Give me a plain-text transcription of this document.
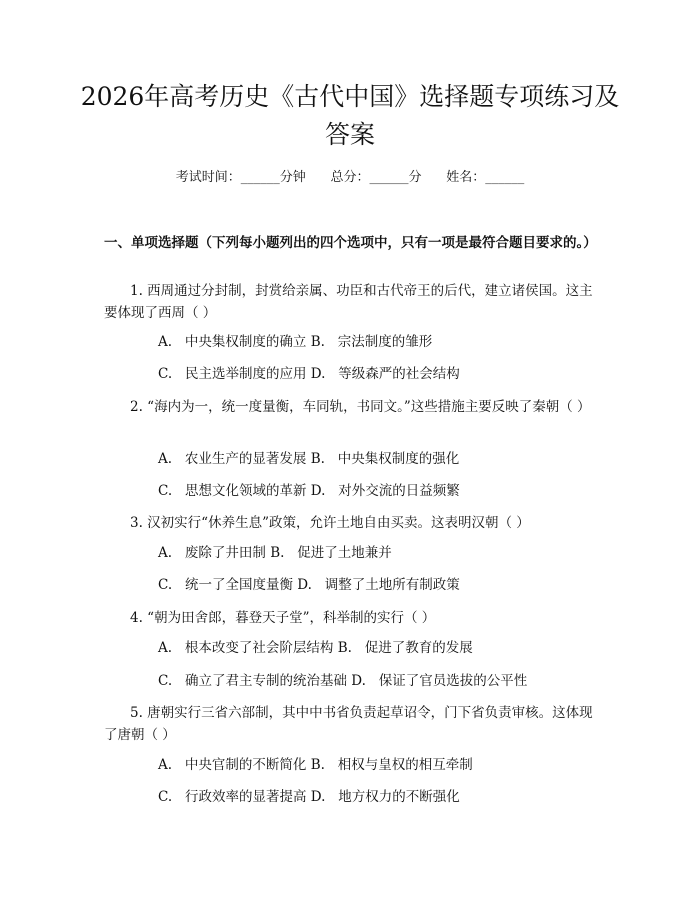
2026年高考历史《古代中国》选择题专项练习及答案
考试时间：______分钟      总分：______分      姓名：______
一、单项选择题（下列每小题列出的四个选项中，只有一项是最符合题目要求的。）
1. 西周通过分封制，封赏给亲属、功臣和古代帝王的后代，建立诸侯国。这主要体现了西周（ ）
A.   中央集权制度的确立 B.   宗法制度的雏形
C.   民主选举制度的应用 D.   等级森严的社会结构
2. “海内为一，统一度量衡，车同轨，书同文。”这些措施主要反映了秦朝（ ）
A.   农业生产的显著发展 B.   中央集权制度的强化
C.   思想文化领域的革新 D.   对外交流的日益频繁
3. 汉初实行“休养生息”政策，允许土地自由买卖。这表明汉朝（ ）
A.   废除了井田制 B.   促进了土地兼并
C.   统一了全国度量衡 D.   调整了土地所有制政策
4. “朝为田舍郎，暮登天子堂”，科举制的实行（ ）
A.   根本改变了社会阶层结构 B.   促进了教育的发展
C.   确立了君主专制的统治基础 D.   保证了官员选拔的公平性
5. 唐朝实行三省六部制，其中中书省负责起草诏令，门下省负责审核。这体现了唐朝（ ）
A.   中央官制的不断简化 B.   相权与皇权的相互牵制
C.   行政效率的显著提高 D.   地方权力的不断强化
